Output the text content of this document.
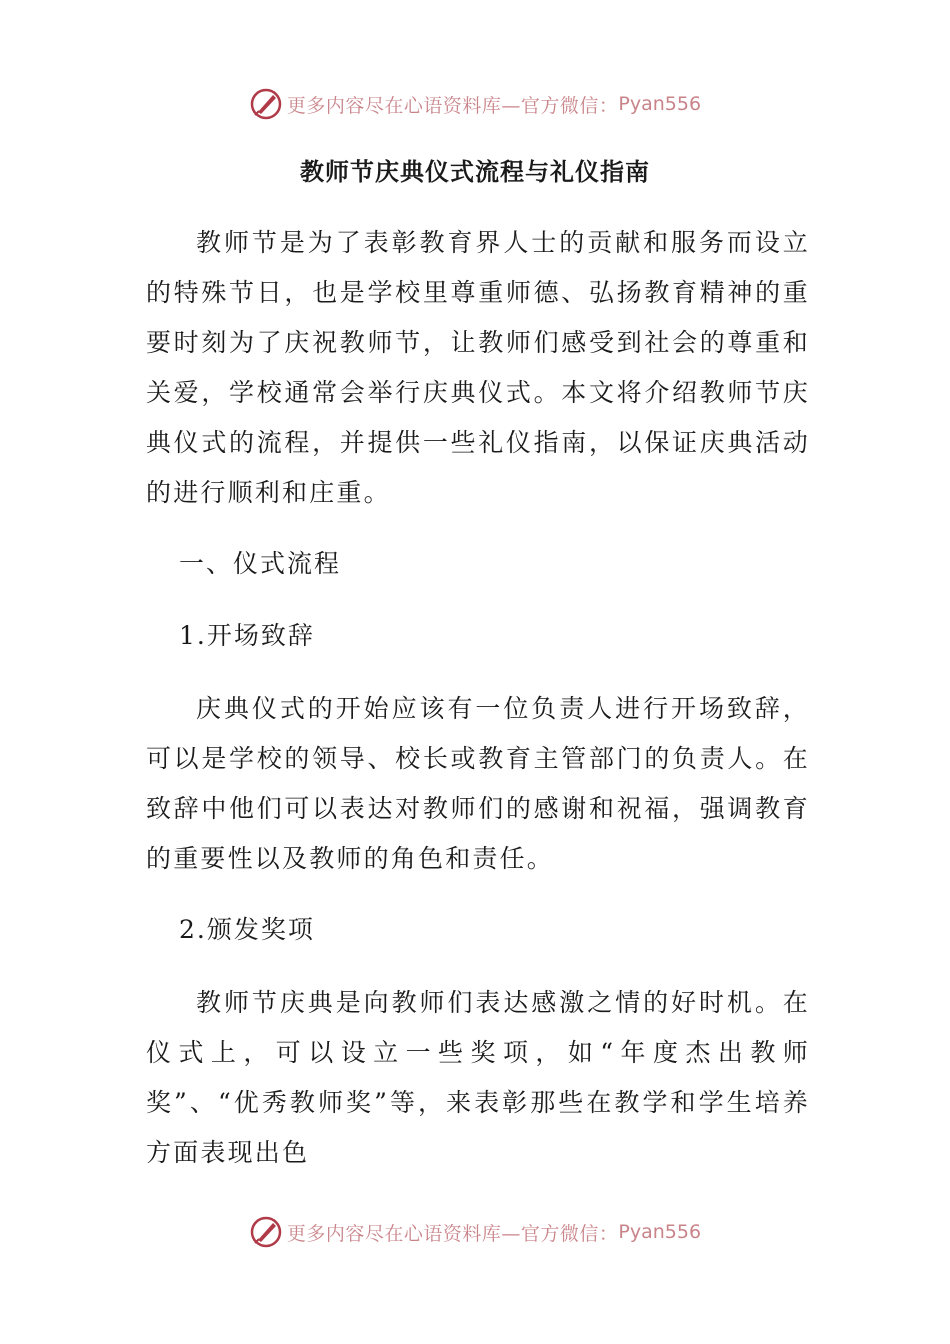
更多内容尽在心语资料库—官方微信： Pyan556
教师节庆典仪式流程与礼仪指南

教师节是为了表彰教育界人士的贡献和服务而设立的特殊节日，也是学校里尊重师德、弘扬教育精神的重要时刻为了庆祝教师节，让教师们感受到社会的尊重和关爱，学校通常会举行庆典仪式。本文将介绍教师节庆典仪式的流程，并提供一些礼仪指南，以保证庆典活动的进行顺利和庄重。

一、仪式流程

1.开场致辞

庆典仪式的开始应该有一位负责人进行开场致辞，可以是学校的领导、校长或教育主管部门的负责人。在致辞中他们可以表达对教师们的感谢和祝福，强调教育的重要性以及教师的角色和责任。

2.颁发奖项

教师节庆典是向教师们表达感激之情的好时机。在仪式上，可以设立一些奖项，如“年度杰出教师奖”、“优秀教师奖”等，来表彰那些在教学和学生培养方面表现出色

更多内容尽在心语资料库—官方微信： Pyan556
